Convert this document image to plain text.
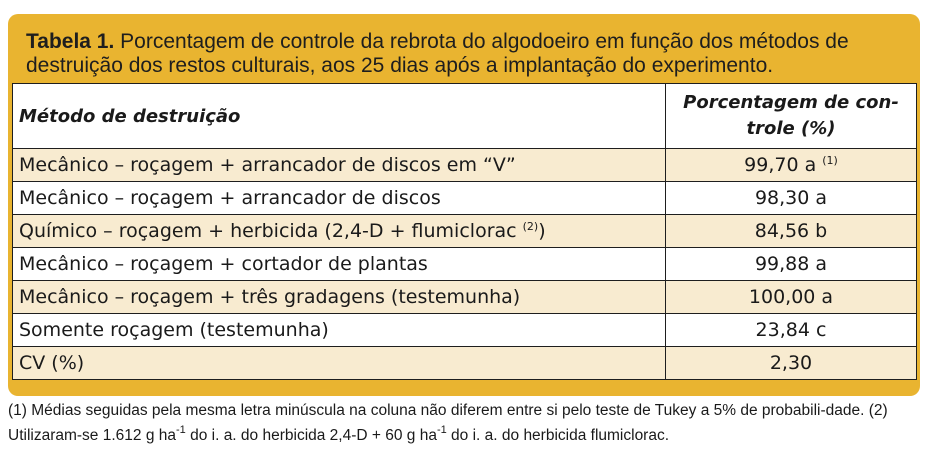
Tabela 1. Porcentagem de controle da rebrota do algodoeiro em função dos métodos de destruição dos restos culturais, aos 25 dias após a implantação do experimento.
Método de destruição	Porcentagem de con-
trole (%)
Mecânico – roçagem + arrancador de discos em “V”	99,70 a $^{(1)}$
Mecânico – roçagem + arrancador de discos	98,30 a
Químico – roçagem + herbicida (2,4-D + flumiclorac $^{(2)}$)	84,56 b
Mecânico – roçagem + cortador de plantas	99,88 a
Mecânico – roçagem + três gradagens (testemunha)	100,00 a
Somente roçagem (testemunha)	23,84 c
CV (%)	2,30
(1) Médias seguidas pela mesma letra minúscula na coluna não diferem entre si pelo teste de Tukey a 5% de probabili-dade. (2) Utilizaram-se 1.612 g $ha^{-1}$ do i. a. do herbicida 2,4-D + 60 g $ha^{-1}$ do i. a. do herbicida flumiclorac.
